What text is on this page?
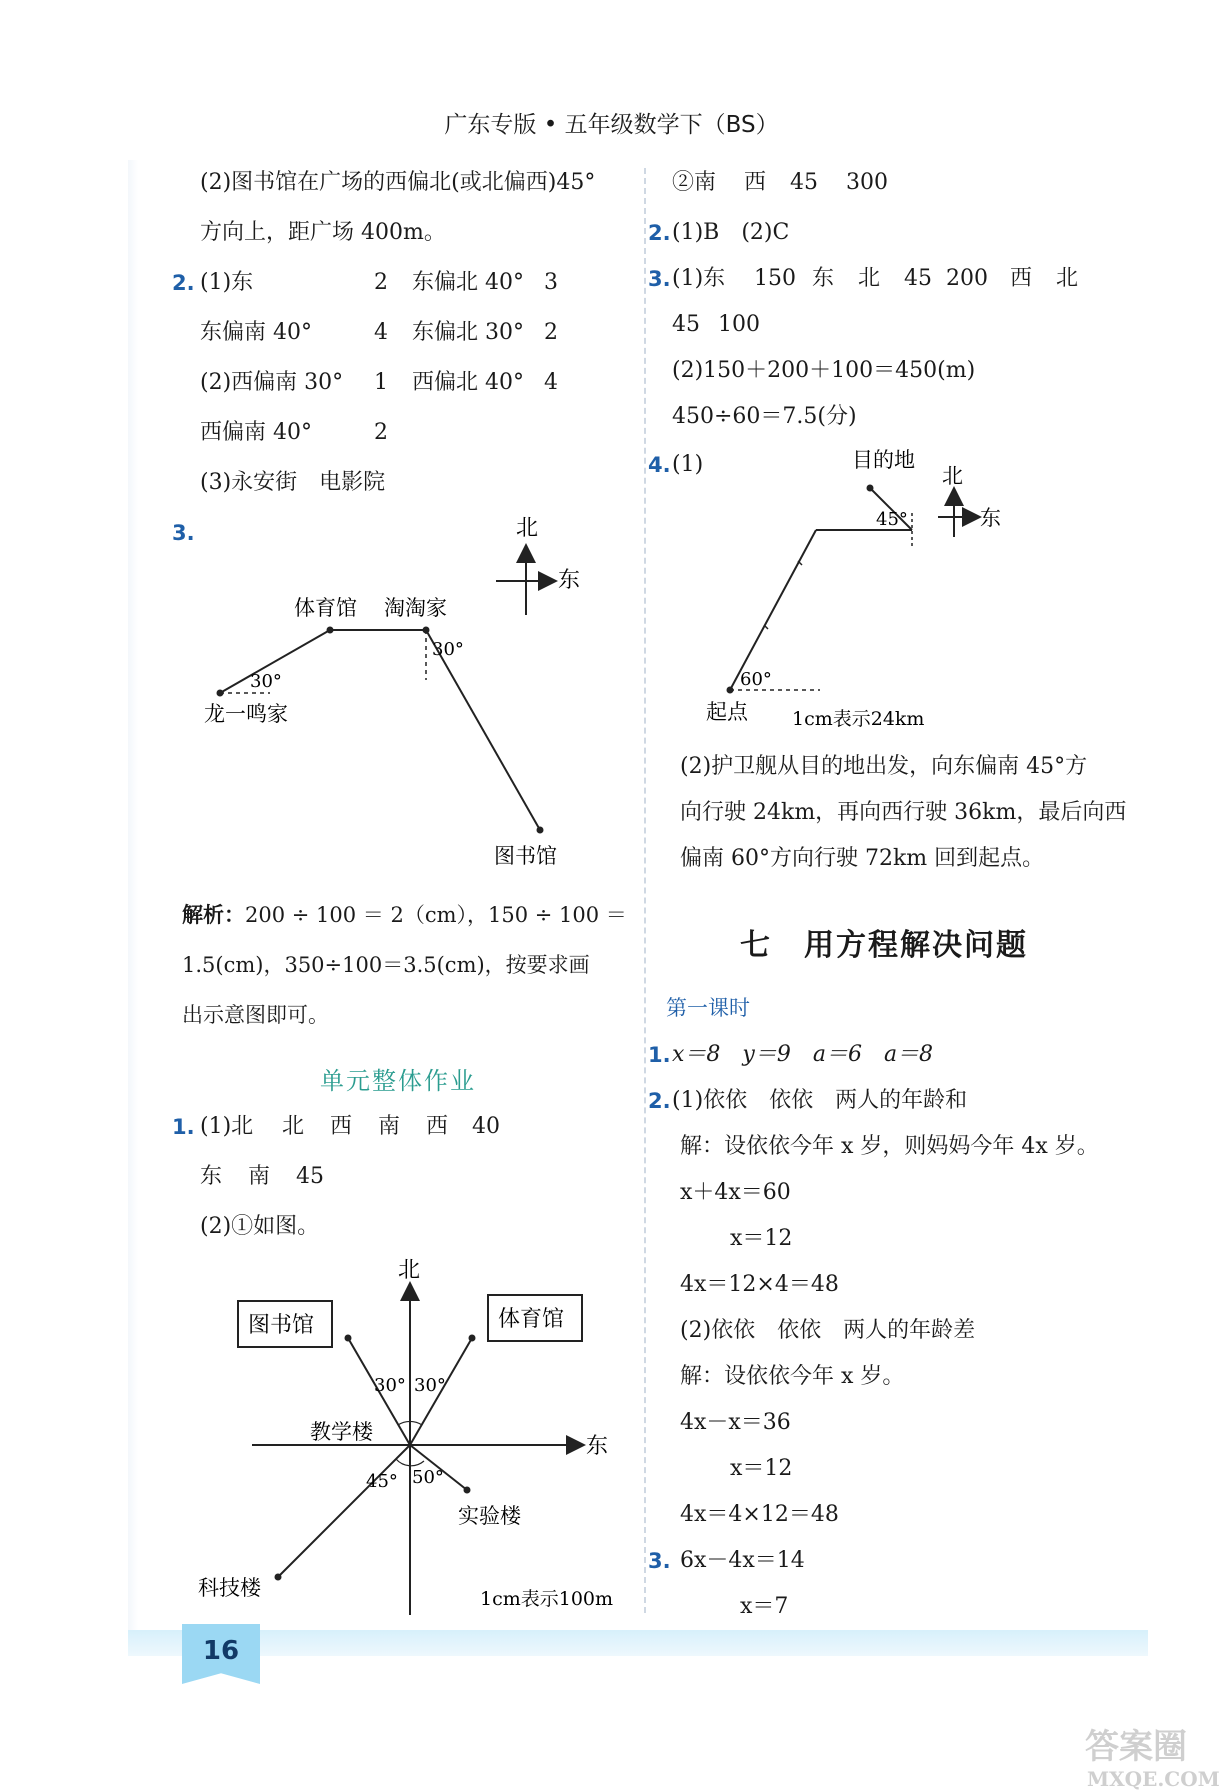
广东专版 • 五年级数学下（BS）
(2)图书馆在广场的西偏北(或北偏西)45°
方向上，距广场 400m。
2. (1)东	2 东偏北 40° 3
东偏南 40°	4 东偏北 30° 2
(2)西偏南 30° 1 西偏北 40° 4
西偏南 40°	2
(3)永安街　电影院
3.	北
东
体育馆 淘淘家
龙一鸣家
图书馆
30°
30°
解析：200 ÷ 100 ＝ 2（cm），150 ÷ 100 ＝
1.5(cm)，350÷100＝3.5(cm)，按要求画
出示意图即可。
单元整体作业
1. (1)北 北 西 南 西 40
东 南 45
(2)①如图。
北
东
图书馆	体育馆
教学楼
实验楼
科技楼
30° 30°
45° 50°
1cm表示100m
②南 西 45 300
2. (1)B　(2)C
3. (1)东 150 东 北 45 200 西 北
45 100
(2)150＋200＋100＝450(m)
450÷60＝7.5(分)
4. (1)	北
东
目的地
45°
60°
起点 1cm表示24km
(2)护卫舰从目的地出发，向东偏南 45°方
向行驶 24km，再向西行驶 36km，最后向西
偏南 60°方向行驶 72km 回到起点。
七　用方程解决问题
第一课时
1. x＝8　y＝9　a＝6　a＝8
2. (1)依依　依依　两人的年龄和
解：设依依今年 x 岁，则妈妈今年 4x 岁。
x＋4x＝60
x＝12
4x＝12×4＝48
(2)依依　依依　两人的年龄差
解：设依依今年 x 岁。
4x－x＝36
x＝12
4x＝4×12＝48
3. 6x－4x＝14
x＝7
16
答案圈
MXQE.COM
